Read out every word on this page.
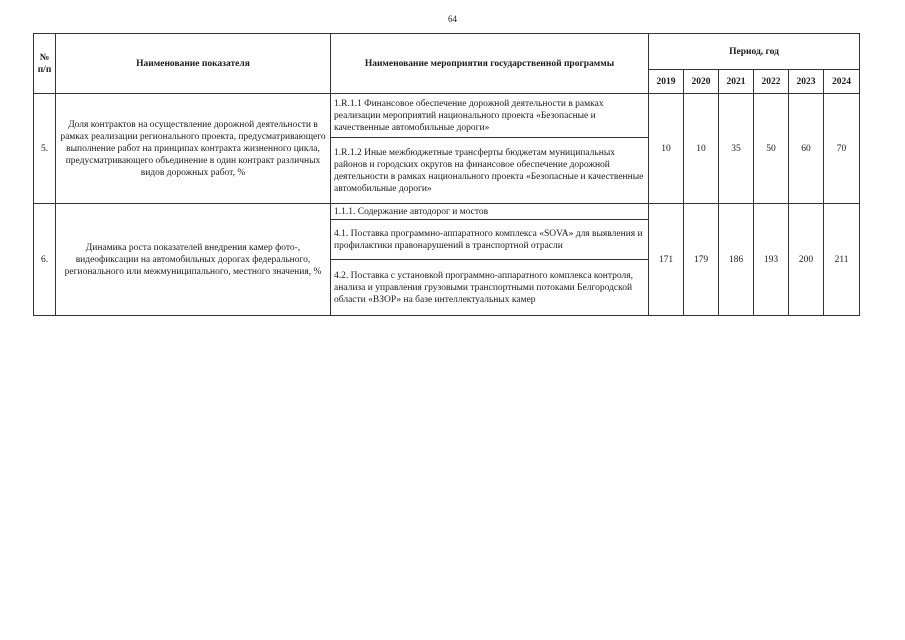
64
№ п/п	Наименование показателя	Наименование мероприятия государственной программы	Период, год					
			2019	2020	2021	2022	2023	2024
5.	Доля контрактов на осуществление дорожной деятельности в рамках реализации регионального проекта, предусматривающего выполнение работ на принципах контракта жизненного цикла, предусматривающего объединение в один контракт различных видов дорожных работ, %	1.R.1.1 Финансовое обеспечение дорожной деятельности в рамках реализации мероприятий национального проекта «Безопасные и качественные автомобильные дороги»	10	10	35	50	60	70
		1.R.1.2 Иные межбюджетные трансферты бюджетам муниципальных районов и городских округов на финансовое обеспечение дорожной деятельности в рамках национального проекта «Безопасные и качественные автомобильные дороги»						
6.	Динамика роста показателей внедрения камер фото-, видеофиксации на автомобильных дорогах федерального, регионального или межмуниципального, местного значения, %	1.1.1. Содержание автодорог и мостов	171	179	186	193	200	211
		4.1. Поставка программно-аппаратного комплекса «SOVA» для выявления и профилактики правонарушений в транспортной отрасли						
		4.2. Поставка с установкой программно-аппаратного комплекса контроля, анализа и управления грузовыми транспортными потоками Белгородской области «ВЗОР» на базе интеллектуальных камер						
